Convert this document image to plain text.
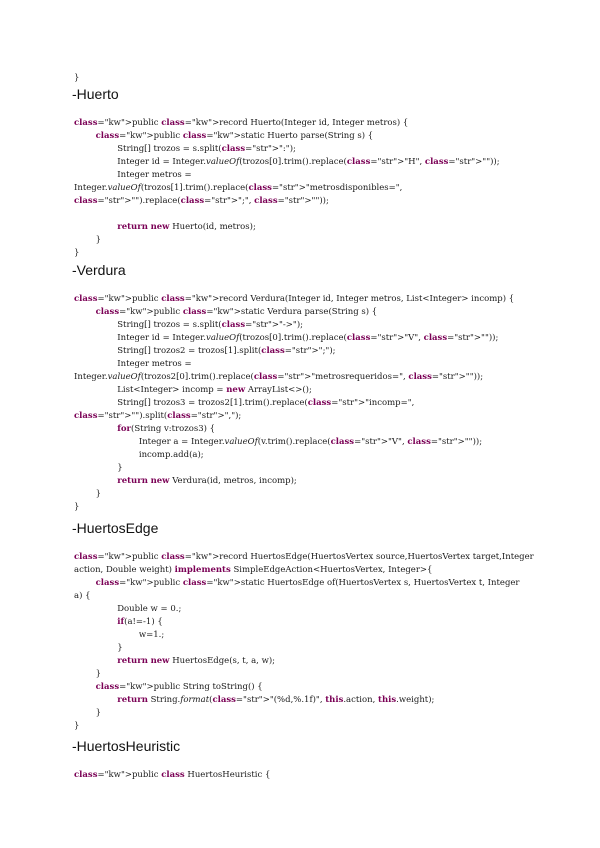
}
-Huerto

class="kw">public class="kw">record Huerto(Integer id, Integer metros) {
class="kw">public class="kw">static Huerto parse(String s) {
String[] trozos = s.split(class="str">":");
Integer id = Integer.valueOf(trozos[0].trim().replace(class="str">"H", class="str">""));
Integer metros =
Integer.valueOf(trozos[1].trim().replace(class="str">"metrosdisponibles=",
class="str">"").replace(class="str">";", class="str">""));

return new Huerto(id, metros);
}
}

-Verdura

class="kw">public class="kw">record Verdura(Integer id, Integer metros, List<Integer> incomp) {
class="kw">public class="kw">static Verdura parse(String s) {
String[] trozos = s.split(class="str">"->");
Integer id = Integer.valueOf(trozos[0].trim().replace(class="str">"V", class="str">""));
String[] trozos2 = trozos[1].split(class="str">";");
Integer metros =
Integer.valueOf(trozos2[0].trim().replace(class="str">"metrosrequeridos=", class="str">""));
List<Integer> incomp = new ArrayList<>();
String[] trozos3 = trozos2[1].trim().replace(class="str">"incomp=",
class="str">"").split(class="str">",");
for(String v:trozos3) {
Integer a = Integer.valueOf(v.trim().replace(class="str">"V", class="str">""));
incomp.add(a);
}
return new Verdura(id, metros, incomp);
}
}

-HuertosEdge

class="kw">public class="kw">record HuertosEdge(HuertosVertex source,HuertosVertex target,Integer
action, Double weight) implements SimpleEdgeAction<HuertosVertex, Integer>{
class="kw">public class="kw">static HuertosEdge of(HuertosVertex s, HuertosVertex t, Integer
a) {
Double w = 0.;
if(a!=-1) {
w=1.;
}
return new HuertosEdge(s, t, a, w);
}
class="kw">public String toString() {
return String.format(class="str">"(%d,%.1f)", this.action, this.weight);
}
}

-HuertosHeuristic

class="kw">public class HuertosHeuristic {
